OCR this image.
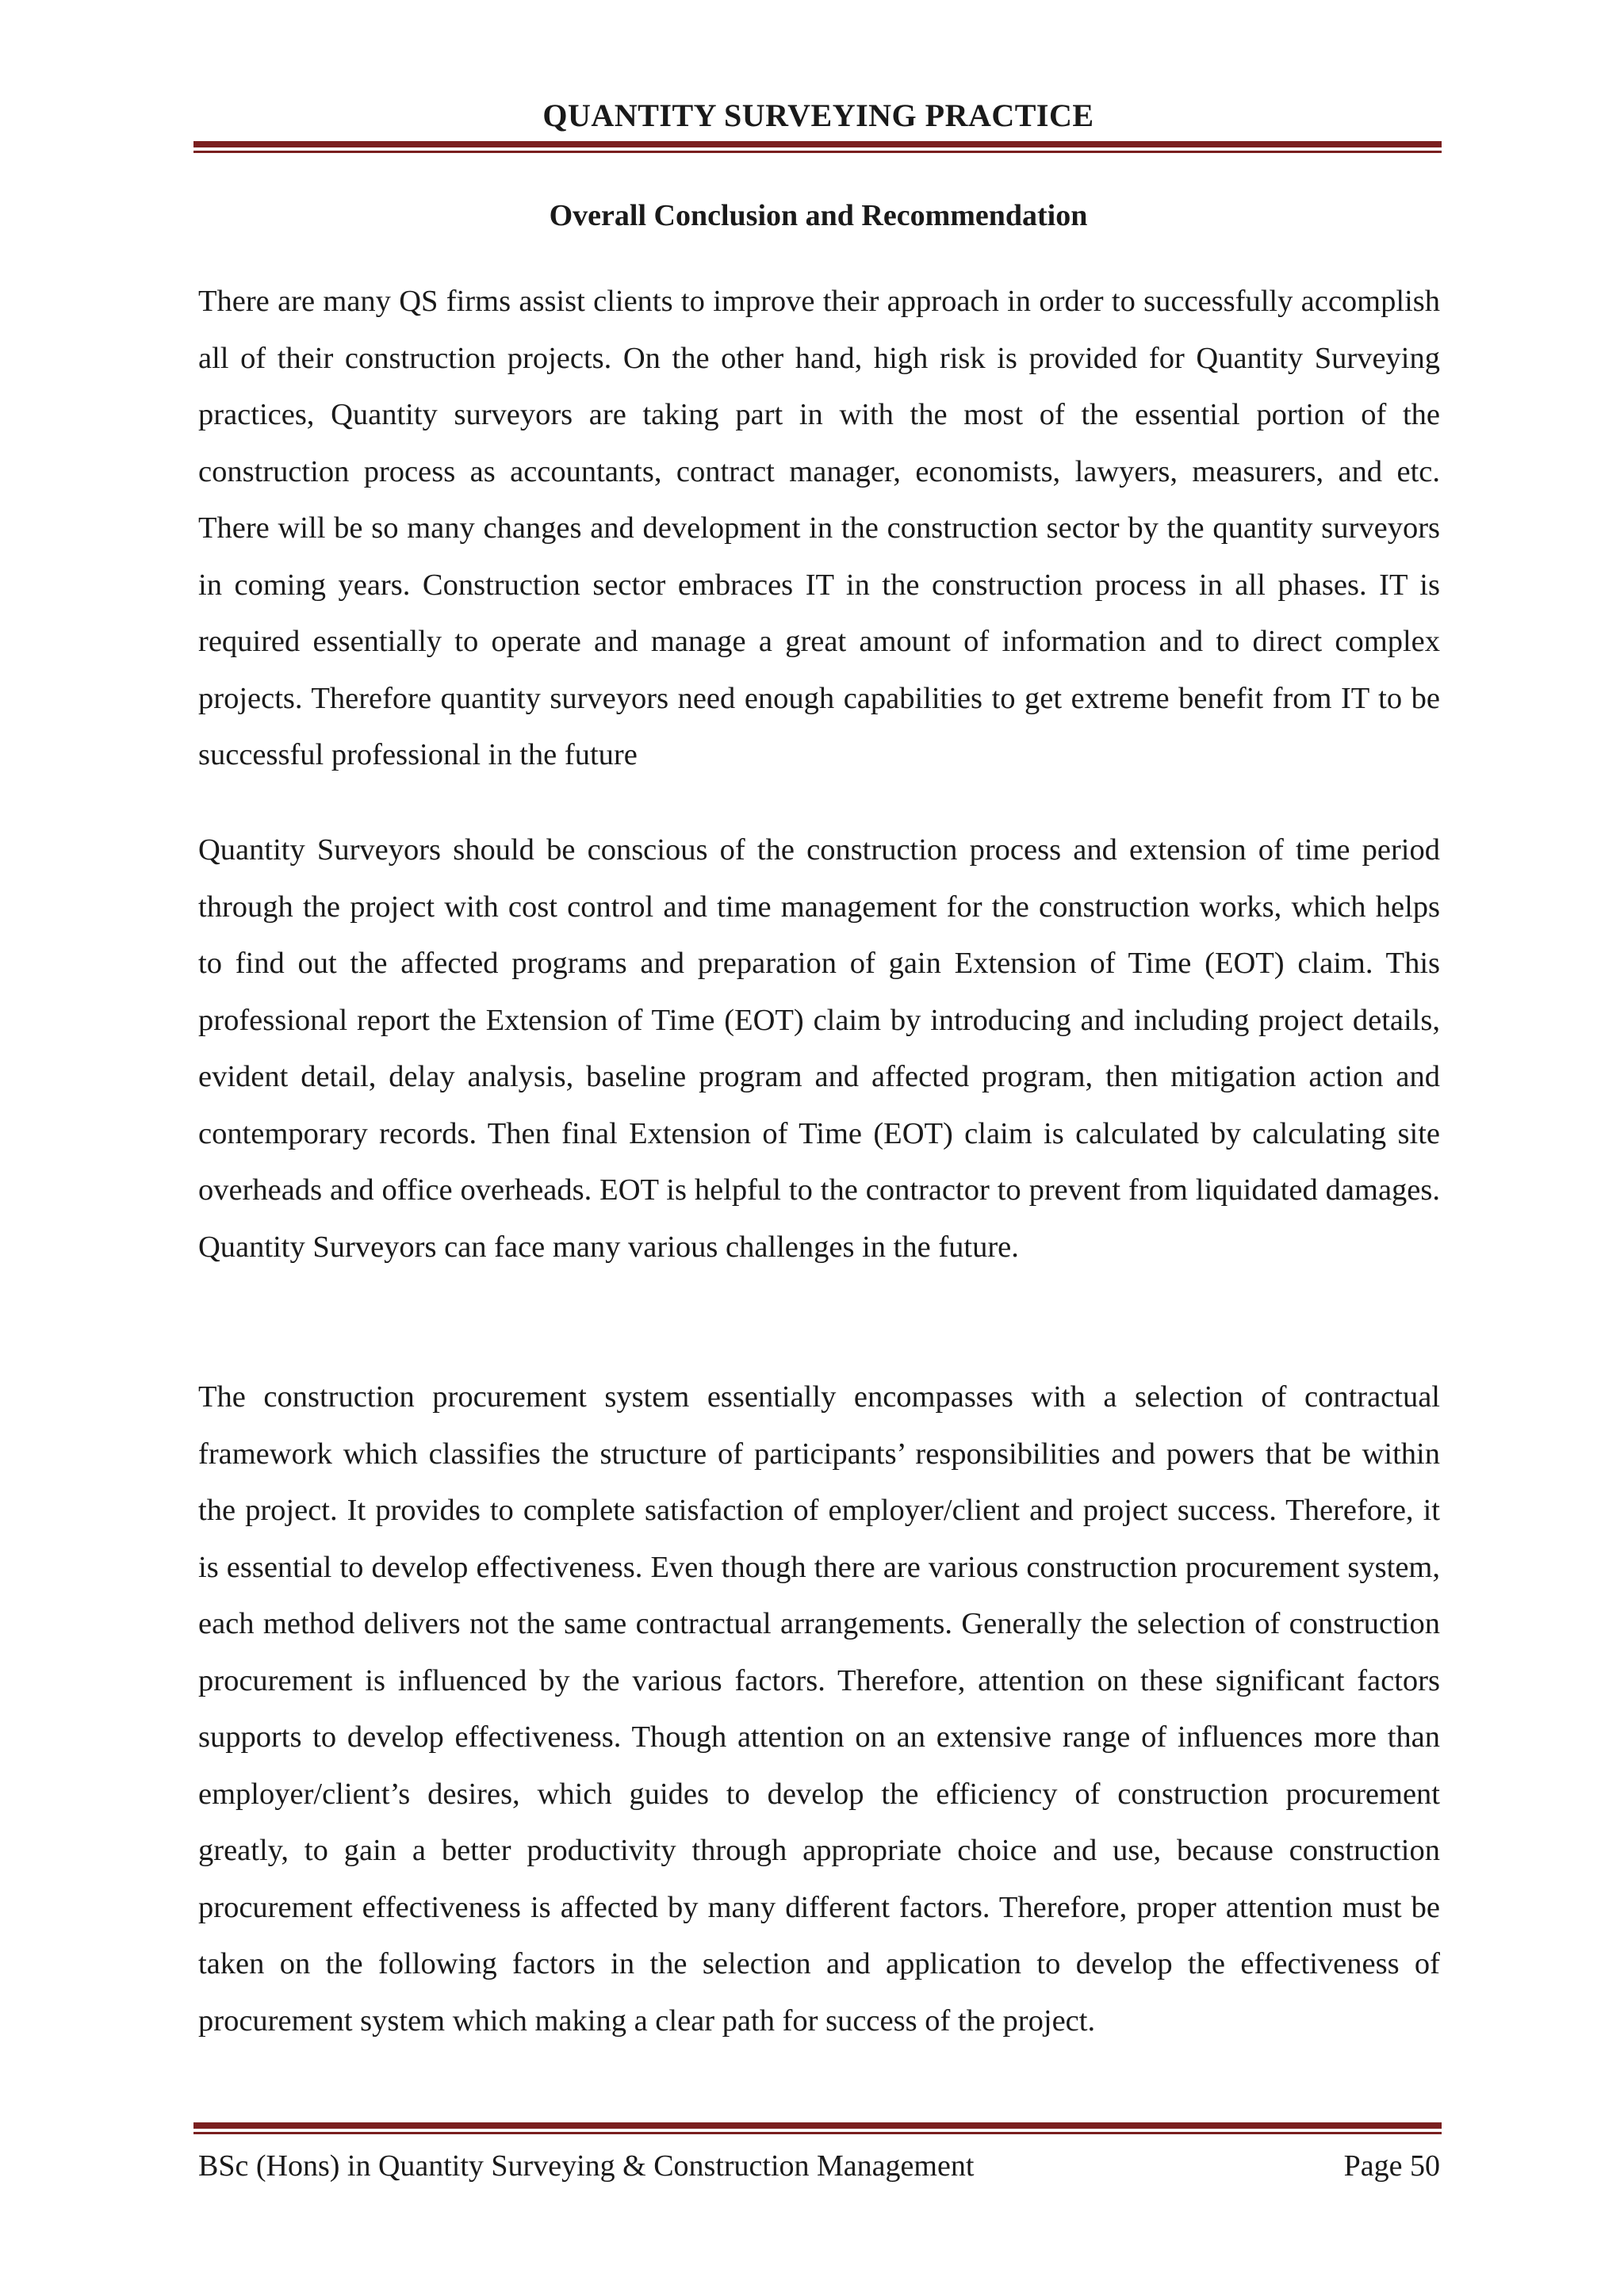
QUANTITY SURVEYING PRACTICE
Overall Conclusion and Recommendation

There are many QS firms assist clients to improve their approach in order to successfully accomplish all of their construction projects. On the other hand, high risk is provided for Quantity Surveying practices, Quantity surveyors are taking part in with the most of the essential portion of the construction process as accountants, contract manager, economists, lawyers, measurers, and etc. There will be so many changes and development in the construction sector by the quantity surveyors in coming years. Construction sector embraces IT in the construction process in all phases. IT is required essentially to operate and manage a great amount of information and to direct complex projects. Therefore quantity surveyors need enough capabilities to get extreme benefit from IT to be successful professional in the future

Quantity Surveyors should be conscious of the construction process and extension of time period through the project with cost control and time management for the construction works, which helps to find out the affected programs and preparation of gain Extension of Time (EOT) claim. This professional report the Extension of Time (EOT) claim by introducing and including project details, evident detail, delay analysis, baseline program and affected program, then mitigation action and contemporary records. Then final Extension of Time (EOT) claim is calculated by calculating site overheads and office overheads. EOT is helpful to the contractor to prevent from liquidated damages. Quantity Surveyors can face many various challenges in the future.

The construction procurement system essentially encompasses with a selection of contractual framework which classifies the structure of participants’ responsibilities and powers that be within the project. It provides to complete satisfaction of employer/client and project success. Therefore, it is essential to develop effectiveness. Even though there are various construction procurement system, each method delivers not the same contractual arrangements. Generally the selection of construction procurement is influenced by the various factors. Therefore, attention on these significant factors supports to develop effectiveness. Though attention on an extensive range of influences more than employer/client’s desires, which guides to develop the efficiency of construction procurement greatly, to gain a better productivity through appropriate choice and use, because construction procurement effectiveness is affected by many different factors. Therefore, proper attention must be taken on the following factors in the selection and application to develop the effectiveness of procurement system which making a clear path for success of the project.

BSc (Hons) in Quantity Surveying & Construction Management	Page 50
